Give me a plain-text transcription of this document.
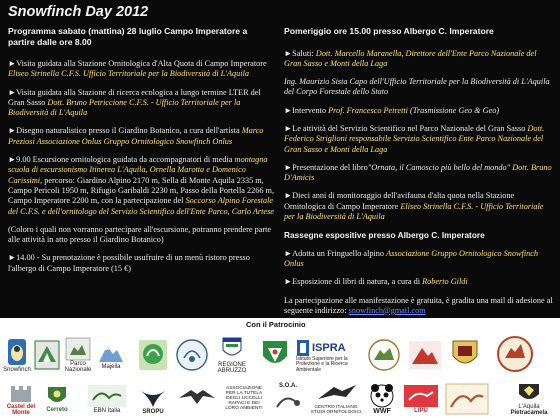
Snowfinch Day 2012
Programma sabato (mattina) 28 luglio Campo Imperatore a partire dalle ore 8.00
►Visita guidata alla Stazione Ornitologica d'Alta Quota di Campo Imperatore Eliseo Strinella C.F.S. Ufficio Territoriale per la Biodiversità di L'Aquila
►Visita guidata alla Stazione di ricerca ecologica a lungo termine LTER del Gran Sasso Dott. Bruno Petriccione C.F.S. - Ufficio Territoriale per la Biodiversità di L'Aquila
►Disegno naturalistico presso il Giardino Botanico, a cura dell'artista Marco Preziosi Associazione Onlus Gruppo Ornitologico Snowfinch Onlus
►9.00 Escursione ornitologica guidata da accompagnatori di media montagna scuola di escursionismo Itinerea L'Aquila, Ornella Marotta e Domenico Carissimi, percorso: Giardino Alpino 2170 m, Sella di Monte Aquila 2335 m, Campo Pericoli 1950 m, Rifugio Garibaldi 2230 m, Passo della Portella 2266 m, Campo Imperatore 2200 m, con la partecipazione del Soccorso Alpino Forestale del C.F.S. e dell'ornitologo del Servizio Scientifico dell'Ente Parco, Carlo Artese
(Coloro i quali non vorranno partecipare all'escursione, potranno prendere parte alle attività in atto presso il Giardino Botanico)
►14.00 - Su prenotazione è possibile usufruire di un menù ristoro presso l'albergo di Campo Imperatore (15 €)
Pomeriggio ore 15.00 presso Albergo C. Imperatore
►Saluti: Dott. Marcello Maranella, Direttore dell'Ente Parco Nazionale del Gran Sasso e Monti della Laga
Ing. Maurizio Sista Capo dell'Ufficio Territoriale per la Biodiversità di L'Aquila del Corpo Forestale dello Stato
►Intervento Prof. Francesco Petretti (Trasmissione Geo & Geo)
►Le attività del Servizio Scientifico nel Parco Nazionale del Gran Sasso Dott. Federico Striglioni responsabile Servizio Scientifico Ente Parco Nazionale del Gran Sasso e Monti della Laga
►Presentazione del libro"Ornata, il Camoscio più bello del mondo" Dott. Bruno D'Amicis
►Dieci anni di monitoraggio dell'avifauna d'alta quota nella Stazione Ornitologica di Campo Imperatore Eliseo Strinella C.F.S. - Ufficio Territoriale per la Biodiversità di L'Aquila
Rassegne espositive presso Albergo C. Imperatore
►Adotta un Fringuello alpino Associazione Gruppo Ornitologico Snowfinch Onlus
►Esposizione di libri di natura, a cura di Roberto Gildi
La partecipazione alle manifestazione è gratuita, è gradita una mail di adesione al seguente indirizzo: snowfinch@gmail.com
Con il Patrocinio
Snowfinch
Parco Nazionale
Majella	REGIONE ABRUZZO
ISPRA
Istituto Superiore per la Protezione e la Ricerca Ambientale
Castel del Monte
Cerreto	EBN Italia	SROPU
ASSOCIAZIONE PER LA TUTELA DEGLI UCCELLI RAPACI E DEI LORO AMBIENTI
S.O.A.
CENTRO ITALIANO STUDI ORNITOLOGICI WWF	LIPU
L'Aquila
Pietracamela
